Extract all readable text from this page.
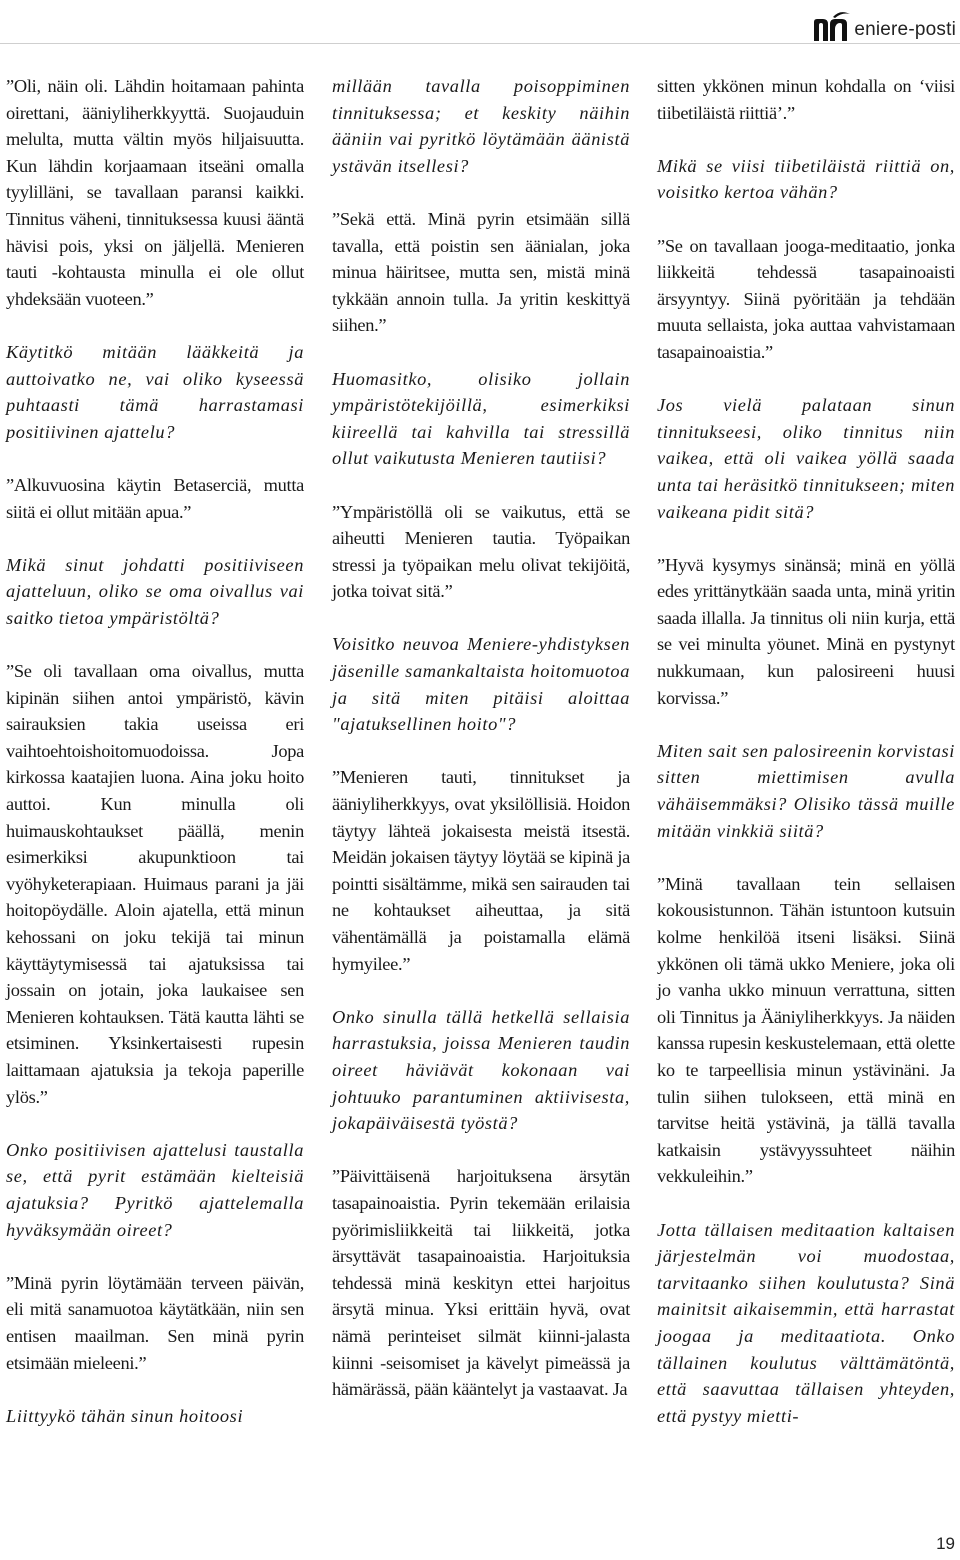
eniere-posti

”Oli, näin oli. Lähdin hoitamaan pahinta oirettani, ääniyliherkkyyttä. Suojauduin melulta, mutta vältin myös hiljaisuutta. Kun lähdin korjaamaan itseäni omalla tyylilläni, se tavallaan paransi kaikki. Tinnitus väheni, tinnituksessa kuusi ääntä hävisi pois, yksi on jäljellä. Menieren tauti -kohtausta minulla ei ole ollut yhdeksään vuoteen.”

Käytitkö mitään lääkkeitä ja auttoivatko ne, vai oliko kyseessä puhtaasti tämä harrastamasi positiivinen ajattelu?

”Alkuvuosina käytin Betaserciä, mutta siitä ei ollut mitään apua.”

Mikä sinut johdatti positiiviseen ajatteluun, oliko se oma oivallus vai saitko tietoa ympäristöltä?

”Se oli tavallaan oma oivallus, mutta kipinän siihen antoi ympäristö, kävin sairauksien takia useissa eri vaihtoehtoishoitomuodoissa. Jopa kirkossa kaatajien luona. Aina joku hoito auttoi. Kun minulla oli huimauskohtaukset päällä, menin esimerkiksi akupunktioon tai vyöhyketerapiaan. Huimaus parani ja jäi hoitopöydälle. Aloin ajatella, että minun kehossani on joku tekijä tai minun käyttäytymisessä tai ajatuksissa tai jossain on jotain, joka laukaisee sen Menieren kohtauksen. Tätä kautta lähti se etsiminen. Yksinkertaisesti rupesin laittamaan ajatuksia ja tekoja paperille ylös.”

Onko positiivisen ajattelusi taustalla se, että pyrit estämään kielteisiä ajatuksia? Pyritkö ajattelemalla hyväksymään oireet?

”Minä pyrin löytämään terveen päivän, eli mitä sanamuotoa käytätkään, niin sen entisen maailman. Sen minä pyrin etsimään mieleeni.”

Liittyykö tähän sinun hoitoosi

millään tavalla poisoppiminen tinnituksessa; et keskity näihin ääniin vai pyritkö löytämään äänistä ystävän itsellesi?

”Sekä että. Minä pyrin etsimään sillä tavalla, että poistin sen äänialan, joka minua häiritsee, mutta sen, mistä minä tykkään annoin tulla. Ja yritin keskittyä siihen.”

Huomasitko, olisiko jollain ympäristötekijöillä, esimerkiksi kiireellä tai kahvilla tai stressillä ollut vaikutusta Menieren tautiisi?

”Ympäristöllä oli se vaikutus, että se aiheutti Menieren tautia. Työpaikan stressi ja työpaikan melu olivat tekijöitä, jotka toivat sitä.”

Voisitko neuvoa Meniere-yhdistyksen jäsenille samankaltaista hoitomuotoa ja sitä miten pitäisi aloittaa "ajatuksellinen hoito"?

”Menieren tauti, tinnitukset ja ääniyliherkkyys, ovat yksilöllisiä. Hoidon täytyy lähteä jokaisesta meistä itsestä. Meidän jokaisen täytyy löytää se kipinä ja pointti sisältämme, mikä sen sairauden tai ne kohtaukset aiheuttaa, ja sitä vähentämällä ja poistamalla elämä hymyilee.”

Onko sinulla tällä hetkellä sellaisia harrastuksia, joissa Menieren taudin oireet häviävät kokonaan vai johtuuko parantuminen aktiivisesta, jokapäiväisestä työstä?

”Päivittäisenä harjoituksena ärsytän tasapainoaistia. Pyrin tekemään erilaisia pyörimisliikkeitä tai liikkeitä, jotka ärsyttävät tasapainoaistia. Harjoituksia tehdessä minä keskityn ettei harjoitus ärsytä minua. Yksi erittäin hyvä, ovat nämä perinteiset silmät kiinni-jalasta kiinni -seisomiset ja kävelyt pimeässä ja hämärässä, pään kääntelyt ja vastaavat. Ja

sitten ykkönen minun kohdalla on ‘viisi tiibetiläistä riittiä’.”

Mikä se viisi tiibetiläistä riittiä on, voisitko kertoa vähän?

”Se on tavallaan jooga-meditaatio, jonka liikkeitä tehdessä tasapainoaisti ärsyyntyy. Siinä pyöritään ja tehdään muuta sellaista, joka auttaa vahvistamaan tasapainoaistia.”

Jos vielä palataan sinun tinnitukseesi, oliko tinnitus niin vaikea, että oli vaikea yöllä saada unta tai heräsitkö tinnitukseen; miten vaikeana pidit sitä?

”Hyvä kysymys sinänsä; minä en yöllä edes yrittänytkään saada unta, minä yritin saada illalla. Ja tinnitus oli niin kurja, että se vei minulta yöunet. Minä en pystynyt nukkumaan, kun palosireeni huusi korvissa.”

Miten sait sen palosireenin korvistasi sitten miettimisen avulla vähäisemmäksi? Olisiko tässä muille mitään vinkkiä siitä?

”Minä tavallaan tein sellaisen kokousistunnon. Tähän istuntoon kutsuin kolme henkilöä itseni lisäksi. Siinä ykkönen oli tämä ukko Meniere, joka oli jo vanha ukko minuun verrattuna, sitten oli Tinnitus ja Ääniyliherkkyys. Ja näiden kanssa rupesin keskustelemaan, että olette ko te tarpeellisia minun ystävinäni. Ja tulin siihen tulokseen, että minä en tarvitse heitä ystävinä, ja tällä tavalla katkaisin ystävyyssuhteet näihin vekkuleihin.”

Jotta tällaisen meditaation kaltaisen järjestelmän voi muodostaa, tarvitaanko siihen koulutusta? Sinä mainitsit aikaisemmin, että harrastat joogaa ja meditaatiota. Onko tällainen koulutus välttämätöntä, että saavuttaa tällaisen yhteyden, että pystyy mietti-

19
